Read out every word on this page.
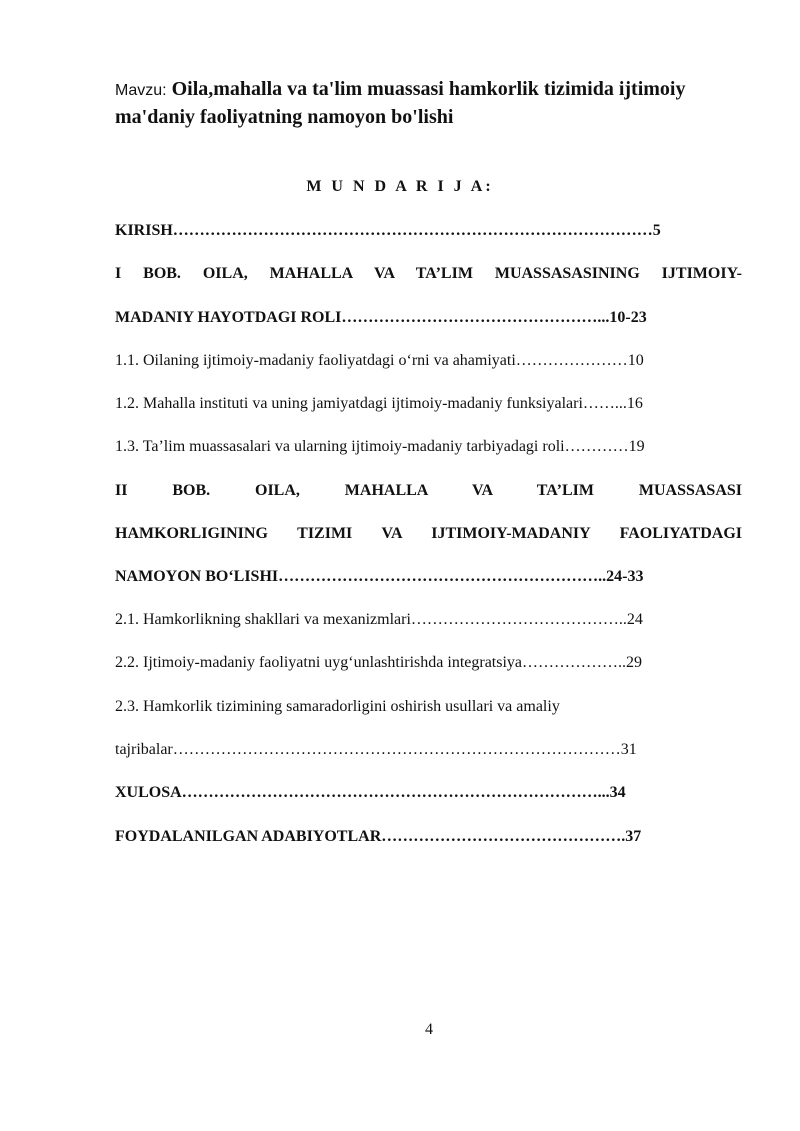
Mavzu: Oila,mahalla va ta'lim muassasi hamkorlik tizimida ijtimoiy ma'daniy faoliyatning namoyon bo'lishi
M U N D A R I J A:
KIRISH………………………………………………………………………………5
I BOB. OILA, MAHALLA VA TA’LIM MUASSASASINING IJTIMOIY-
MADANIY HAYOTDAGI ROLI…………………………………………...10-23
1.1. Oilaning ijtimoiy-madaniy faoliyatdagi o‘rni va ahamiyati…………………10
1.2. Mahalla instituti va uning jamiyatdagi ijtimoiy-madaniy funksiyalari……...16
1.3. Ta’lim muassasalari va ularning ijtimoiy-madaniy tarbiyadagi roli…………19
II BOB. OILA, MAHALLA VA TA’LIM MUASSASASI
HAMKORLIGINING TIZIMI VA IJTIMOIY-MADANIY FAOLIYATDAGI
NAMOYON BO‘LISHI……………………………………………………..24-33
2.1. Hamkorlikning shakllari va mexanizmlari…………………………………..24
2.2. Ijtimoiy-madaniy faoliyatni uyg‘unlashtirishda integratsiya………………..29
2.3. Hamkorlik tizimining samaradorligini oshirish usullari va amaliy
tajribalar…………………………………………………………………………31
XULOSA……………………………………………………………………...34
FOYDALANILGAN ADABIYOTLAR……………………………………….37
4
